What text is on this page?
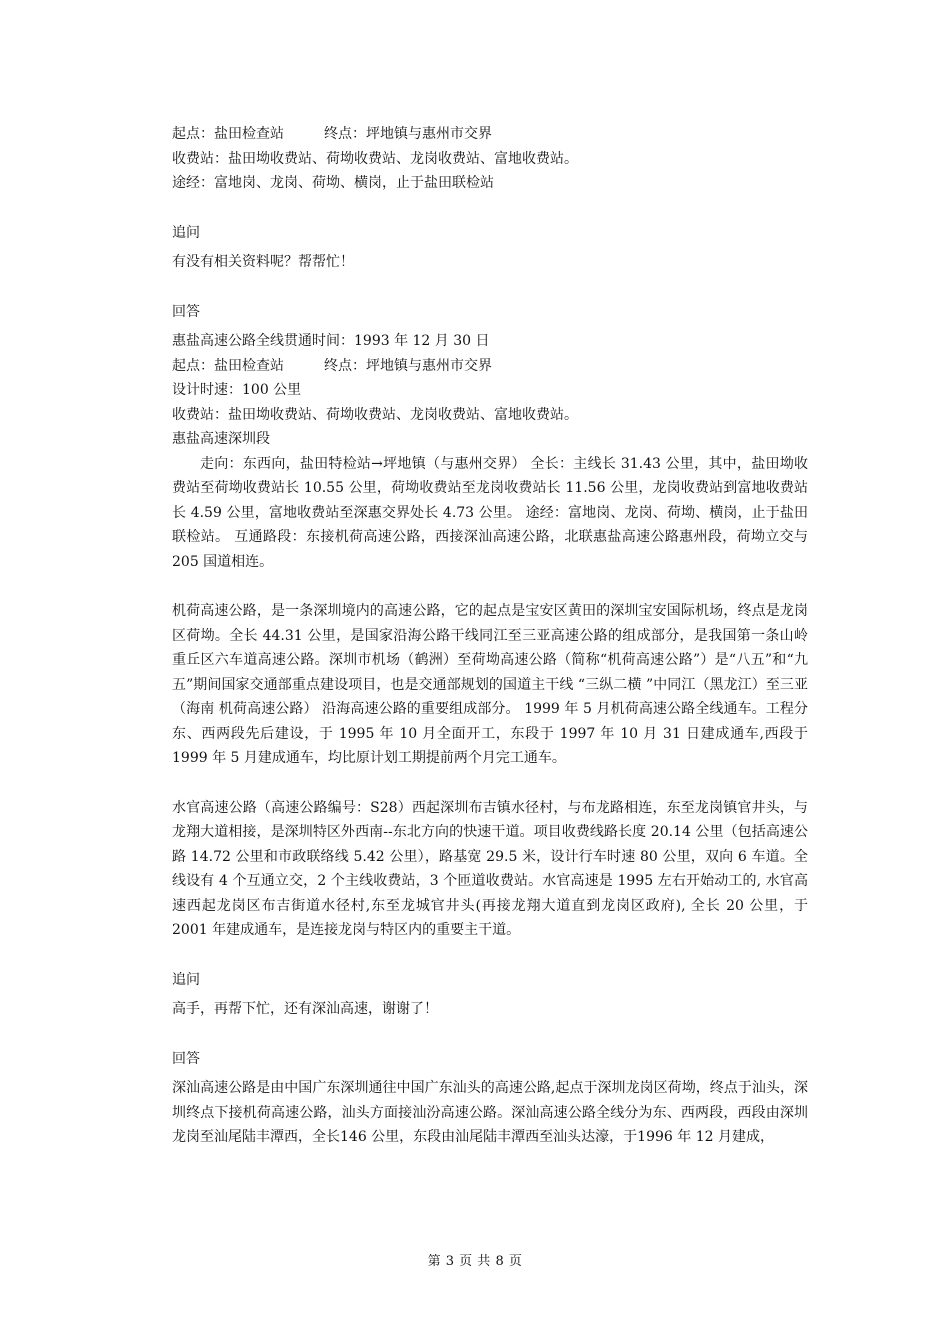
起点：盐田检查站         终点：坪地镇与惠州市交界
收费站：盐田坳收费站、荷坳收费站、龙岗收费站、富地收费站。
途经：富地岗、龙岗、荷坳、横岗，止于盐田联检站
追问
有没有相关资料呢？帮帮忙！
回答
惠盐高速公路全线贯通时间：1993 年 12 月 30 日
起点：盐田检查站         终点：坪地镇与惠州市交界
设计时速：100 公里
收费站：盐田坳收费站、荷坳收费站、龙岗收费站、富地收费站。
惠盐高速深圳段
走向：东西向，盐田特检站→坪地镇（与惠州交界） 全长：主线长 31.43 公里，其中，盐田坳收费站至荷坳收费站长 10.55 公里，荷坳收费站至龙岗收费站长 11.56 公里，龙岗收费站到富地收费站长 4.59 公里，富地收费站至深惠交界处长 4.73 公里。 途经：富地岗、龙岗、荷坳、横岗，止于盐田联检站。 互通路段：东接机荷高速公路，西接深汕高速公路，北联惠盐高速公路惠州段，荷坳立交与 205 国道相连。
机荷高速公路，是一条深圳境内的高速公路，它的起点是宝安区黄田的深圳宝安国际机场，终点是龙岗区荷坳。全长 44.31 公里，是国家沿海公路干线同江至三亚高速公路的组成部分，是我国第一条山岭重丘区六车道高速公路。深圳市机场（鹤洲）至荷坳高速公路（简称“机荷高速公路”）是“八五”和“九五”期间国家交通部重点建设项目，也是交通部规划的国道主干线 “三纵二横 ”中同江（黑龙江）至三亚（海南 机荷高速公路） 沿海高速公路的重要组成部分。 1999 年 5 月机荷高速公路全线通车。工程分东、西两段先后建设，于 1995 年 10 月全面开工，东段于 1997 年 10 月 31 日建成通车,西段于 1999 年 5 月建成通车，均比原计划工期提前两个月完工通车。
水官高速公路（高速公路编号：S28）西起深圳布吉镇水径村，与布龙路相连，东至龙岗镇官井头，与龙翔大道相接，是深圳特区外西南--东北方向的快速干道。项目收费线路长度 20.14 公里（包括高速公路 14.72 公里和市政联络线 5.42 公里），路基宽 29.5 米，设计行车时速 80 公里，双向 6 车道。全线设有 4 个互通立交，2 个主线收费站，3 个匝道收费站。水官高速是 1995 左右开始动工的, 水官高速西起龙岗区布吉街道水径村,东至龙城官井头(再接龙翔大道直到龙岗区政府), 全长 20 公里，于 2001 年建成通车，是连接龙岗与特区内的重要主干道。
追问
高手，再帮下忙，还有深汕高速，谢谢了！
回答
深汕高速公路是由中国广东深圳通往中国广东汕头的高速公路,起点于深圳龙岗区荷坳，终点于汕头，深圳终点下接机荷高速公路，汕头方面接汕汾高速公路。深汕高速公路全线分为东、西两段，西段由深圳龙岗至汕尾陆丰潭西，全长146 公里，东段由汕尾陆丰潭西至汕头达濠，于1996 年 12 月建成，
第 3 页 共 8 页
